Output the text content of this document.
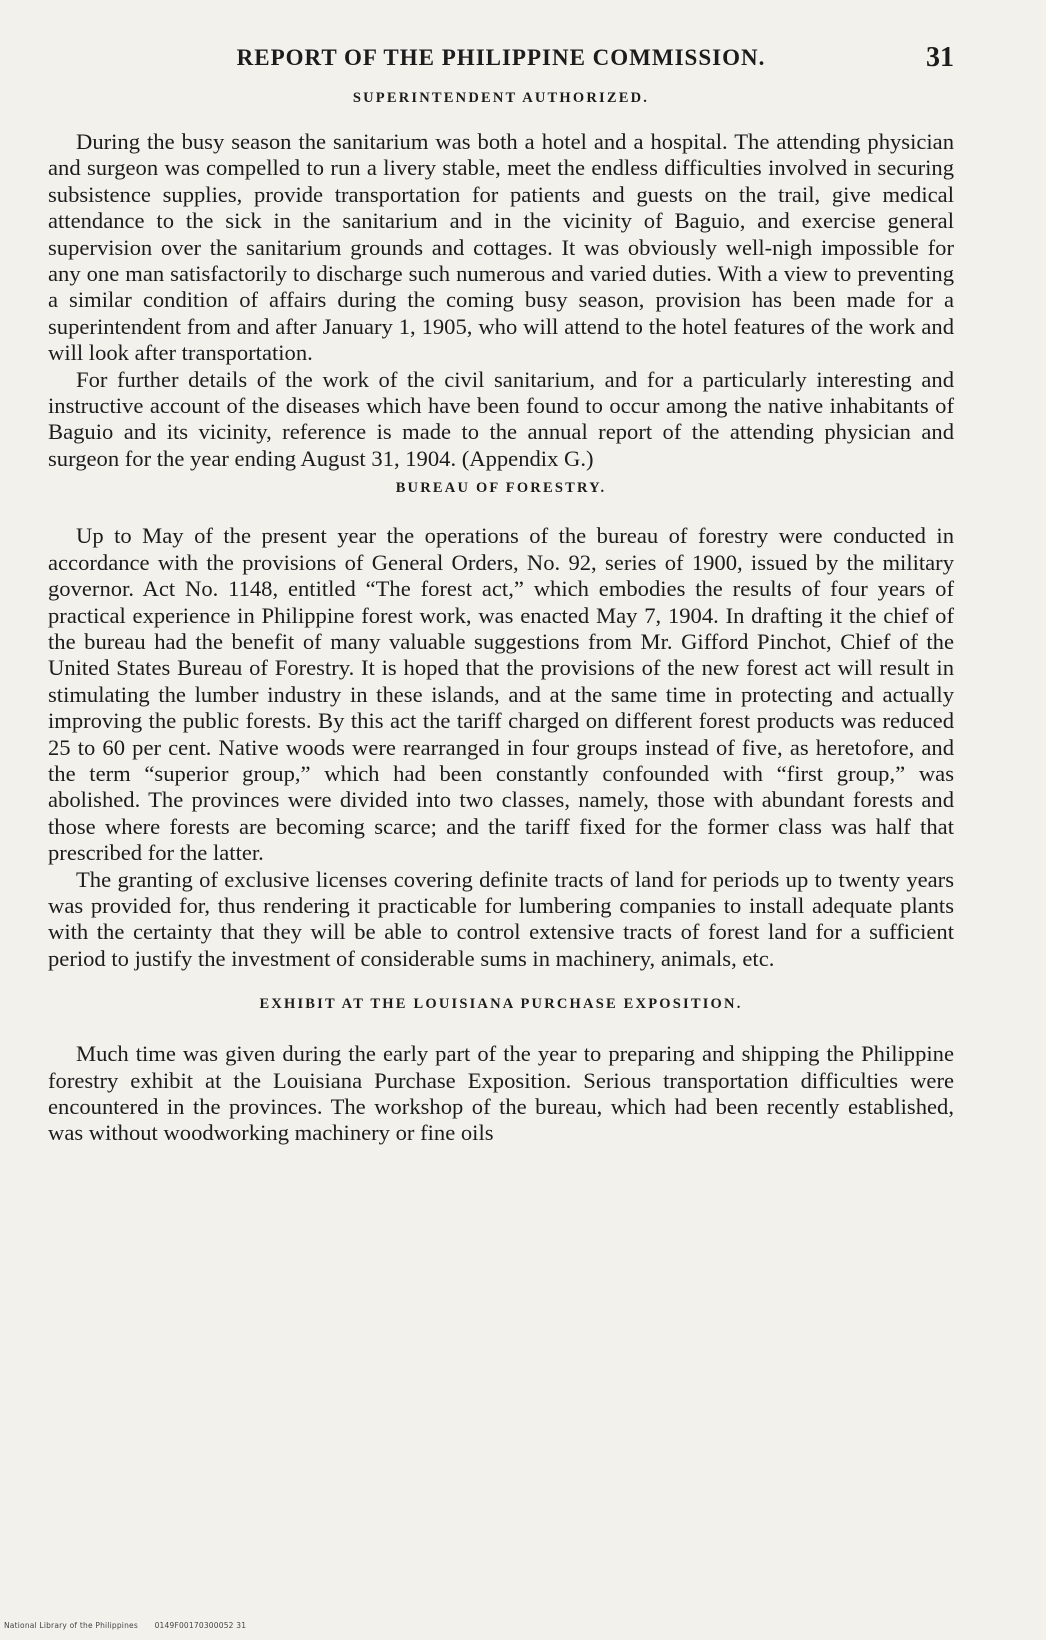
REPORT OF THE PHILIPPINE COMMISSION.	31
SUPERINTENDENT AUTHORIZED.

During the busy season the sanitarium was both a hotel and a hospital. The attending physician and surgeon was compelled to run a livery stable, meet the endless difficulties involved in securing subsistence supplies, provide transportation for patients and guests on the trail, give medical attendance to the sick in the sanitarium and in the vicinity of Baguio, and exercise general supervision over the sanitarium grounds and cottages. It was obviously well-nigh impossible for any one man satisfactorily to discharge such numerous and varied duties. With a view to preventing a similar condition of affairs during the coming busy season, provision has been made for a superintendent from and after January 1, 1905, who will attend to the hotel features of the work and will look after transportation.

For further details of the work of the civil sanitarium, and for a particularly interesting and instructive account of the diseases which have been found to occur among the native inhabitants of Baguio and its vicinity, reference is made to the annual report of the attending physician and surgeon for the year ending August 31, 1904. (Appendix G.)

BUREAU OF FORESTRY.

Up to May of the present year the operations of the bureau of forestry were conducted in accordance with the provisions of General Orders, No. 92, series of 1900, issued by the military governor. Act No. 1148, entitled “The forest act,” which embodies the results of four years of practical experience in Philippine forest work, was enacted May 7, 1904. In drafting it the chief of the bureau had the benefit of many valuable suggestions from Mr. Gifford Pinchot, Chief of the United States Bureau of Forestry. It is hoped that the provisions of the new forest act will result in stimulating the lumber industry in these islands, and at the same time in protecting and actually improving the public forests. By this act the tariff charged on different forest products was reduced 25 to 60 per cent. Native woods were rearranged in four groups instead of five, as heretofore, and the term “superior group,” which had been constantly confounded with “first group,” was abolished. The provinces were divided into two classes, namely, those with abundant forests and those where forests are becoming scarce; and the tariff fixed for the former class was half that prescribed for the latter.

The granting of exclusive licenses covering definite tracts of land for periods up to twenty years was provided for, thus rendering it practicable for lumbering companies to install adequate plants with the certainty that they will be able to control extensive tracts of forest land for a sufficient period to justify the investment of considerable sums in machinery, animals, etc.

EXHIBIT AT THE LOUISIANA PURCHASE EXPOSITION.

Much time was given during the early part of the year to preparing and shipping the Philippine forestry exhibit at the Louisiana Purchase Exposition. Serious transportation difficulties were encountered in the provinces. The workshop of the bureau, which had been recently established, was without woodworking machinery or fine oils

National Library of the Philippines 0149F00170300052 31
